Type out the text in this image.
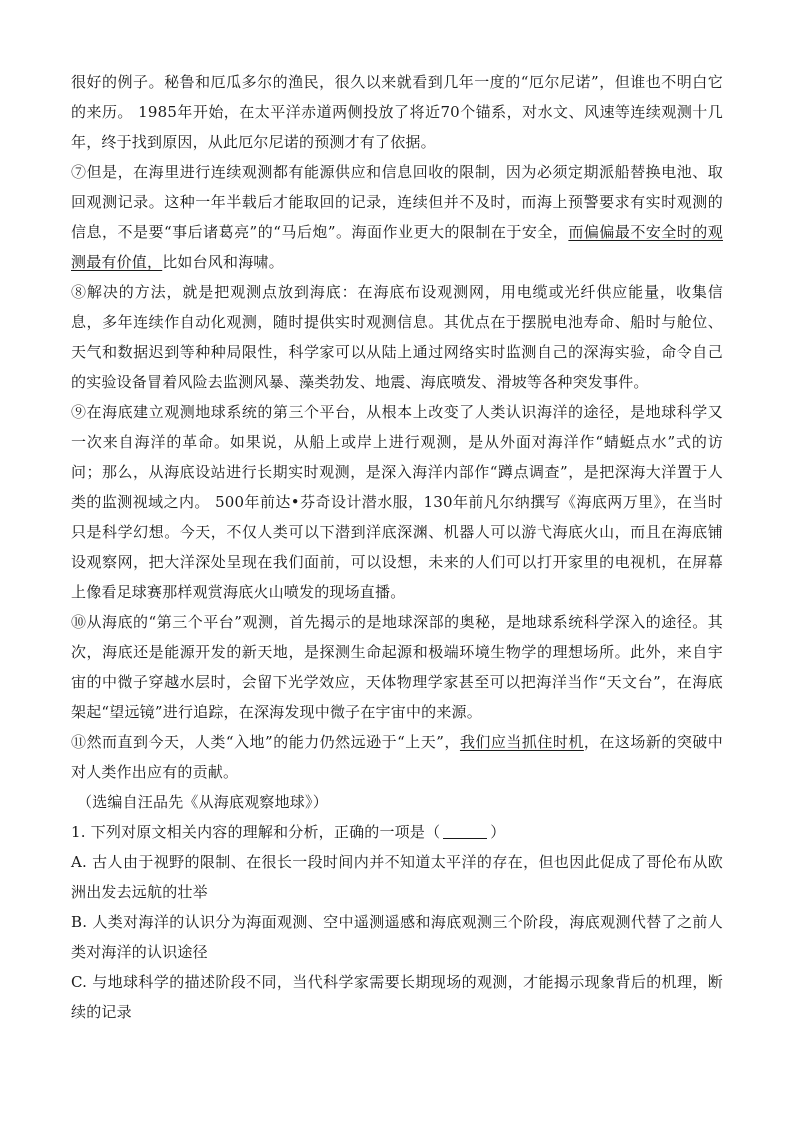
很好的例子。秘鲁和厄瓜多尔的渔民，很久以来就看到几年一度的“厄尔尼诺”，但谁也不明白它的来历。 1985年开始，在太平洋赤道两侧投放了将近70个锚系，对水文、风速等连续观测十几年，终于找到原因，从此厄尔尼诺的预测才有了依据。

⑦但是，在海里进行连续观测都有能源供应和信息回收的限制，因为必须定期派船替换电池、取回观测记录。这种一年半载后才能取回的记录，连续但并不及时，而海上预警要求有实时观测的信息，不是要“事后诸葛亮”的“马后炮”。海面作业更大的限制在于安全，而偏偏最不安全时的观测最有价值，比如台风和海啸。

⑧解决的方法，就是把观测点放到海底：在海底布设观测网，用电缆或光纤供应能量，收集信息，多年连续作自动化观测，随时提供实时观测信息。其优点在于摆脱电池寿命、船时与舱位、天气和数据迟到等种种局限性，科学家可以从陆上通过网络实时监测自己的深海实验，命令自己的实验设备冒着风险去监测风暴、藻类勃发、地震、海底喷发、滑坡等各种突发事件。

⑨在海底建立观测地球系统的第三个平台，从根本上改变了人类认识海洋的途径，是地球科学又一次来自海洋的革命。如果说，从船上或岸上进行观测，是从外面对海洋作“蜻蜓点水”式的访问；那么，从海底设站进行长期实时观测，是深入海洋内部作“蹲点调查”，是把深海大洋置于人类的监测视域之内。 500年前达•芬奇设计潜水服，130年前凡尔纳撰写《海底两万里》，在当时只是科学幻想。今天，不仅人类可以下潜到洋底深渊、机器人可以游弋海底火山，而且在海底铺设观察网，把大洋深处呈现在我们面前，可以设想，未来的人们可以打开家里的电视机，在屏幕上像看足球赛那样观赏海底火山喷发的现场直播。

⑩从海底的“第三个平台”观测，首先揭示的是地球深部的奥秘，是地球系统科学深入的途径。其次，海底还是能源开发的新天地，是探测生命起源和极端环境生物学的理想场所。此外，来自宇宙的中微子穿越水层时，会留下光学效应，天体物理学家甚至可以把海洋当作“天文台”，在海底架起“望远镜”进行追踪，在深海发现中微子在宇宙中的来源。

⑪然而直到今天，人类“入地”的能力仍然远逊于“上天”，我们应当抓住时机，在这场新的突破中对人类作出应有的贡献。

（选编自汪品先《从海底观察地球》）

1. 下列对原文相关内容的理解和分析，正确的一项是（	）

A. 古人由于视野的限制、在很长一段时间内并不知道太平洋的存在，但也因此促成了哥伦布从欧洲出发去远航的壮举

B. 人类对海洋的认识分为海面观测、空中遥测遥感和海底观测三个阶段，海底观测代替了之前人类对海洋的认识途径

C. 与地球科学的描述阶段不同，当代科学家需要长期现场的观测，才能揭示现象背后的机理，断续的记录
